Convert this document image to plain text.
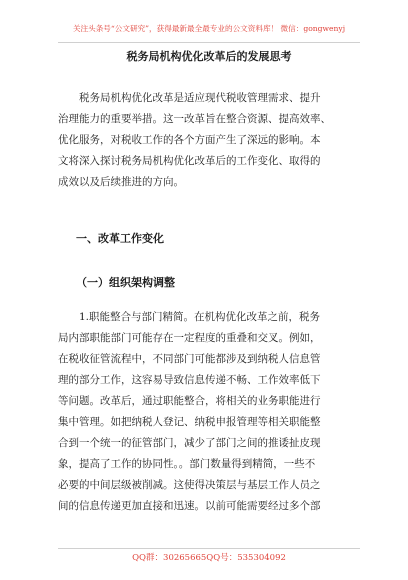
关注头条号“公文研究”，获得最新最全最专业的公文资料库！ 微信：gongwenyj
税务局机构优化改革后的发展思考
　　税务局机构优化改革是适应现代税收管理需求、提升
治理能力的重要举措。这一改革旨在整合资源、提高效率、
优化服务，对税收工作的各个方面产生了深远的影响。本
文将深入探讨税务局机构优化改革后的工作变化、取得的
成效以及后续推进的方向。
一、改革工作变化
（一）组织架构调整
　　1.职能整合与部门精简。在机构优化改革之前，税务
局内部职能部门可能存在一定程度的重叠和交叉。例如，
在税收征管流程中，不同部门可能都涉及到纳税人信息管
理的部分工作，这容易导致信息传递不畅、工作效率低下
等问题。改革后，通过职能整合，将相关的业务职能进行
集中管理。如把纳税人登记、纳税申报管理等相关职能整
合到一个统一的征管部门，减少了部门之间的推诿扯皮现
象，提高了工作的协同性。。部门数量得到精简，一些不
必要的中间层级被削减。这使得决策层与基层工作人员之
间的信息传递更加直接和迅速。以前可能需要经过多个部
QQ群：30265665QQ号：535304092
